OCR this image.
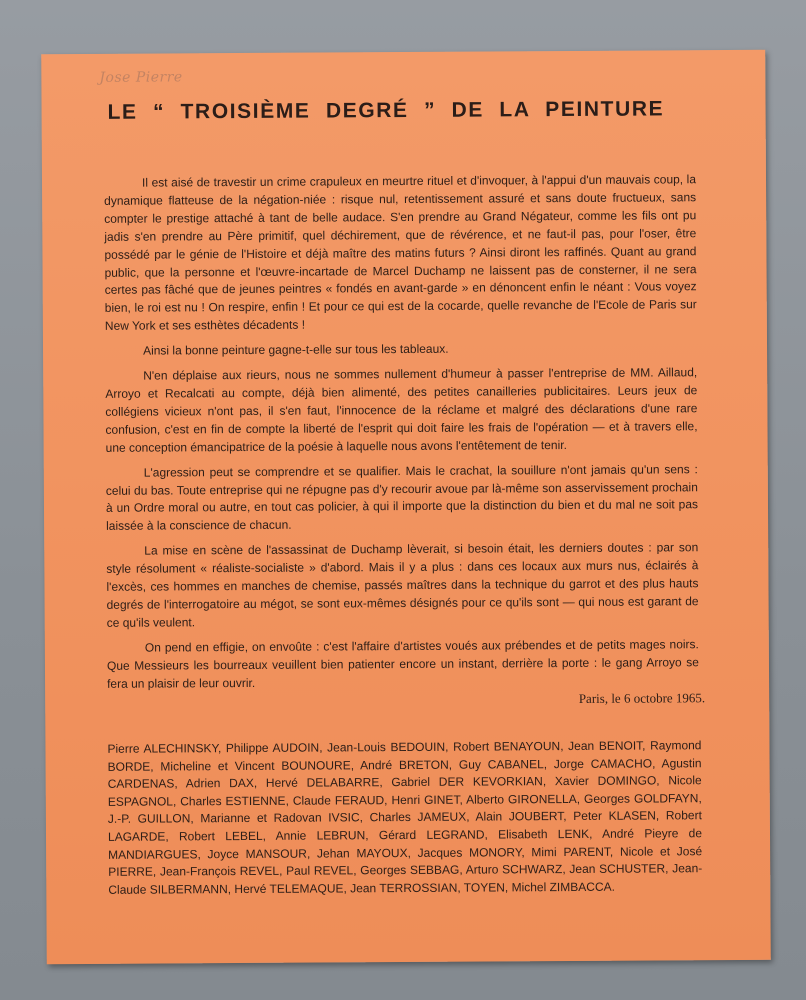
Jose Pierre
LE “ TROISIÈME DEGRÉ ” DE LA PEINTURE

Il est aisé de travestir un crime crapuleux en meurtre rituel et d'invoquer, à l'appui d'un mauvais coup, la dynamique flatteuse de la négation-niée : risque nul, retentissement assuré et sans doute fructueux, sans compter le prestige attaché à tant de belle audace. S'en prendre au Grand Négateur, comme les fils ont pu jadis s'en prendre au Père primitif, quel déchirement, que de révérence, et ne faut-il pas, pour l'oser, être possédé par le génie de l'Histoire et déjà maître des matins futurs ? Ainsi diront les raffinés. Quant au grand public, que la personne et l'œuvre-incartade de Marcel Duchamp ne laissent pas de consterner, il ne sera certes pas fâché que de jeunes peintres « fondés en avant-garde » en dénoncent enfin le néant : Vous voyez bien, le roi est nu ! On respire, enfin ! Et pour ce qui est de la cocarde, quelle revanche de l'Ecole de Paris sur New York et ses esthètes décadents !

Ainsi la bonne peinture gagne-t-elle sur tous les tableaux.

N'en déplaise aux rieurs, nous ne sommes nullement d'humeur à passer l'entreprise de MM. Aillaud, Arroyo et Recalcati au compte, déjà bien alimenté, des petites canailleries publicitaires. Leurs jeux de collégiens vicieux n'ont pas, il s'en faut, l'innocence de la réclame et malgré des déclarations d'une rare confusion, c'est en fin de compte la liberté de l'esprit qui doit faire les frais de l'opération — et à travers elle, une conception émancipatrice de la poésie à laquelle nous avons l'entêtement de tenir.

L'agression peut se comprendre et se qualifier. Mais le crachat, la souillure n'ont jamais qu'un sens : celui du bas. Toute entreprise qui ne répugne pas d'y recourir avoue par là-même son asservissement prochain à un Ordre moral ou autre, en tout cas policier, à qui il importe que la distinction du bien et du mal ne soit pas laissée à la conscience de chacun.

La mise en scène de l'assassinat de Duchamp lèverait, si besoin était, les derniers doutes : par son style résolument « réaliste-socialiste » d'abord. Mais il y a plus : dans ces locaux aux murs nus, éclairés à l'excès, ces hommes en manches de chemise, passés maîtres dans la technique du garrot et des plus hauts degrés de l'interrogatoire au mégot, se sont eux-mêmes désignés pour ce qu'ils sont — qui nous est garant de ce qu'ils veulent.

On pend en effigie, on envoûte : c'est l'affaire d'artistes voués aux prébendes et de petits mages noirs. Que Messieurs les bourreaux veuillent bien patienter encore un instant, derrière la porte : le gang Arroyo se fera un plaisir de leur ouvrir.

Paris, le 6 octobre 1965.
Pierre ALECHINSKY, Philippe AUDOIN, Jean-Louis BEDOUIN, Robert BENAYOUN, Jean BENOIT, Raymond BORDE, Micheline et Vincent BOUNOURE, André BRETON, Guy CABANEL, Jorge CAMACHO, Agustin CARDENAS, Adrien DAX, Hervé DELABARRE, Gabriel DER KEVORKIAN, Xavier DOMINGO, Nicole ESPAGNOL, Charles ESTIENNE, Claude FERAUD, Henri GINET, Alberto GIRONELLA, Georges GOLDFAYN, J.-P. GUILLON, Marianne et Radovan IVSIC, Charles JAMEUX, Alain JOUBERT, Peter KLASEN, Robert LAGARDE, Robert LEBEL, Annie LEBRUN, Gérard LEGRAND, Elisabeth LENK, André Pieyre de MANDIARGUES, Joyce MANSOUR, Jehan MAYOUX, Jacques MONORY, Mimi PARENT, Nicole et José PIERRE, Jean-François REVEL, Paul REVEL, Georges SEBBAG, Arturo SCHWARZ, Jean SCHUSTER, Jean-Claude SILBERMANN, Hervé TELEMAQUE, Jean TERROSSIAN, TOYEN, Michel ZIMBACCA.
